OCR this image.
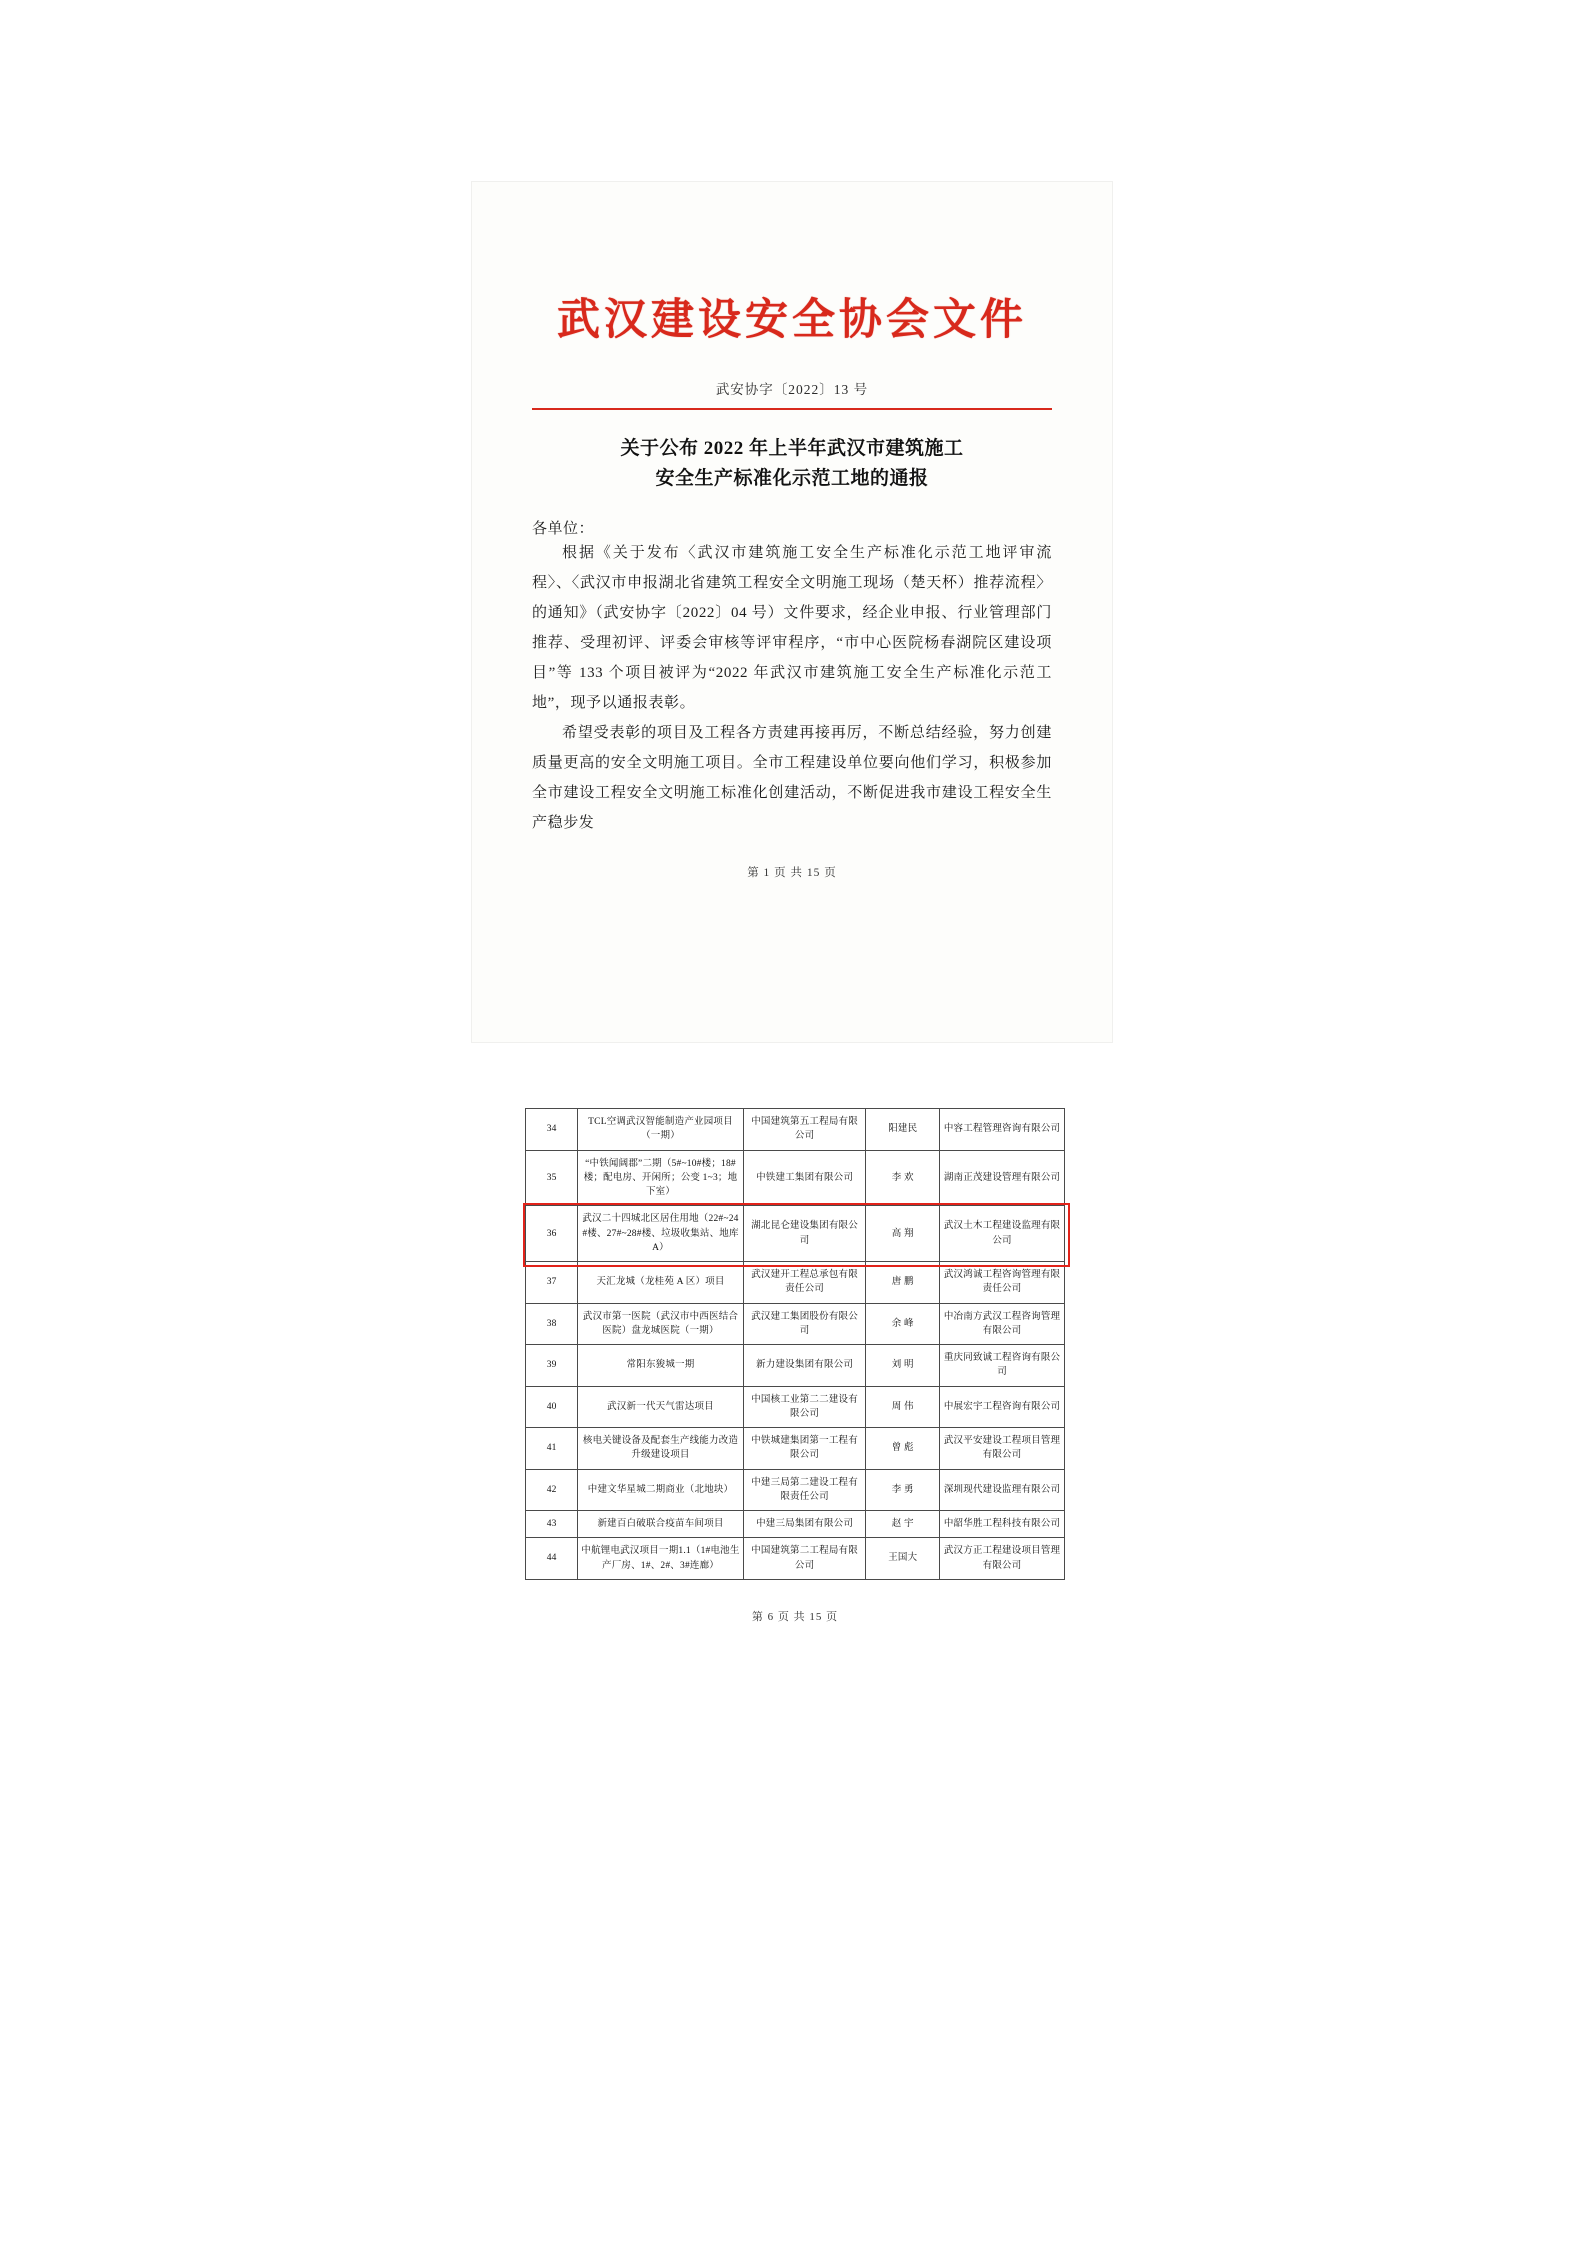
武汉建设安全协会文件
武安协字〔2022〕13 号
关于公布 2022 年上半年武汉市建筑施工
安全生产标准化示范工地的通报
各单位：

根据《关于发布〈武汉市建筑施工安全生产标准化示范工地评审流程〉、〈武汉市申报湖北省建筑工程安全文明施工现场（楚天杯）推荐流程〉的通知》（武安协字〔2022〕04 号）文件要求，经企业申报、行业管理部门推荐、受理初评、评委会审核等评审程序，“市中心医院杨春湖院区建设项目”等 133 个项目被评为“2022 年武汉市建筑施工安全生产标准化示范工地”，现予以通报表彰。

希望受表彰的项目及工程各方责建再接再厉，不断总结经验，努力创建质量更高的安全文明施工项目。全市工程建设单位要向他们学习，积极参加全市建设工程安全文明施工标准化创建活动，不断促进我市建设工程安全生产稳步发

第 1 页 共 15 页
34	TCL空调武汉智能制造产业园项目（一期）	中国建筑第五工程局有限公司	阳建民	中容工程管理咨询有限公司
35	“中铁闻阔郡”二期（5#~10#楼；18#楼；配电房、开闲所；公变 1~3；地下室）	中铁建工集团有限公司	李 欢	湖南正茂建设管理有限公司
36	武汉二十四城北区居住用地（22#~24#楼、27#~28#楼、垃圾收集站、地库 A）	湖北昆仑建设集团有限公司	高 翔	武汉土木工程建设监理有限公司
37	天汇龙城（龙桂苑 A 区）项目	武汉建开工程总承包有限责任公司	唐 鹏	武汉鸿诚工程咨询管理有限责任公司
38	武汉市第一医院（武汉市中西医结合医院）盘龙城医院（一期）	武汉建工集团股份有限公司	余 峰	中冶南方武汉工程咨询管理有限公司
39	常阳东狻城一期	新力建设集团有限公司	刘 明	重庆同致诚工程咨询有限公司
40	武汉新一代天气雷达项目	中国核工业第二二建设有限公司	周 伟	中展宏宇工程咨询有限公司
41	核电关键设备及配套生产线能力改造升级建设项目	中铁城建集团第一工程有限公司	曾 彪	武汉平安建设工程项目管理有限公司
42	中建文华星城二期商业（北地块）	中建三局第二建设工程有限责任公司	李 勇	深圳现代建设监理有限公司
43	新建百白破联合疫苗车间项目	中建三局集团有限公司	赵 宇	中韶华胜工程科技有限公司
44	中航锂电武汉项目一期1.1（1#电池生产厂房、1#、2#、3#连廊）	中国建筑第二工程局有限公司	王国大	武汉方正工程建设项目管理有限公司
第 6 页 共 15 页
